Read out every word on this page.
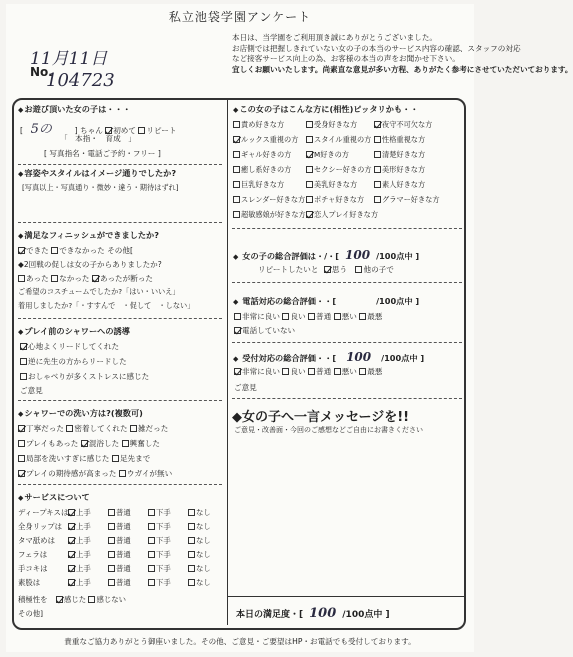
私立池袋学園アンケート
11月11日
No.
104723
本日は、当学園をご利用頂き誠にありがとうございました。
お店側では把握しきれていない女の子の本当のサービス内容の確認、スタッフの対応
など接客サービス向上の為、お客様の本当の声をお聞かせ下さい。
宜しくお願いいたします。尚素直な意見が多い方程、ありがたく参考にさせていただいております。
◆ お遊び頂いた女の子は・・・
[　5の　　　] ちゃん 初めて リピート
「　本指・　育成　」
[ 写真指名・電話ご予約・フリー ]
◆ 容姿やスタイルはイメージ通りでしたか?
[写真以上・写真通り・微妙・違う・期待はずれ]
◆ 満足なフィニッシュができましたか?
できた できなかった その他[
◆2回戦の促しは女の子からありましたか?
あった なかった あったが断った
ご希望のコスチュームでしたか?「はい・いいえ」
着用しましたか?「・すすんで　・促して　・しない」
◆ プレイ前のシャワーへの誘導
心地よくリードしてくれた
逆に先生の方からリードした
おしゃべりが多くストレスに感じた
ご意見
◆ シャワーでの洗い方は?(複数可)
丁寧だった 密着してくれた 雑だった
プレイもあった 混浴した 興奮した
局部を洗いすぎに感じた 足先まで
プレイの期待感が高まった ウガイが無い
◆ サービスについて
ディープキスは	上手	普通	下手	なし
全身リップは	上手	普通	下手	なし
タマ舐めは	上手	普通	下手	なし
フェラは	上手	普通	下手	なし
手コキは	上手	普通	下手	なし
素股は	上手	普通	下手	なし
積極性を 感じた 感じない
その他]
◆ この女の子はこんな方に(相性)ピッタリかも・・
責め好きな方	受身好きな方	夜守不可欠な方
ルックス重視の方	スタイル重視の方	性格重視な方
ギャル好きの方	M好きの方	清楚好きな方
癒し系好きの方	セクシー好きの方	美形好きな方
巨乳好きな方	美乳好きな方	素人好きな方
スレンダー好きな方	ポチャ好きな方	グラマー好きな方
超敏感娘が好きな方	恋人プレイ好きな方
◆ 女の子の総合評価は・/・[ 100 /100点中 ]
リピートしたいと 思う 他の子で
◆ 電話対応の総合評価・・[	/100点中 ]
非常に良い 良い 普通 悪い 最悪
電話していない
◆ 受付対応の総合評価・・[ 100 /100点中 ]
非常に良い 良い 普通 悪い 最悪
ご意見
◆女の子へ一言メッセージを!!
ご意見・改善面・今回のご感想などご自由にお書きください
本日の満足度・[ 100 /100点中 ]
貴重なご協力ありがとう御座いました。その他、ご意見・ご要望はHP・お電話でも受付しております。
